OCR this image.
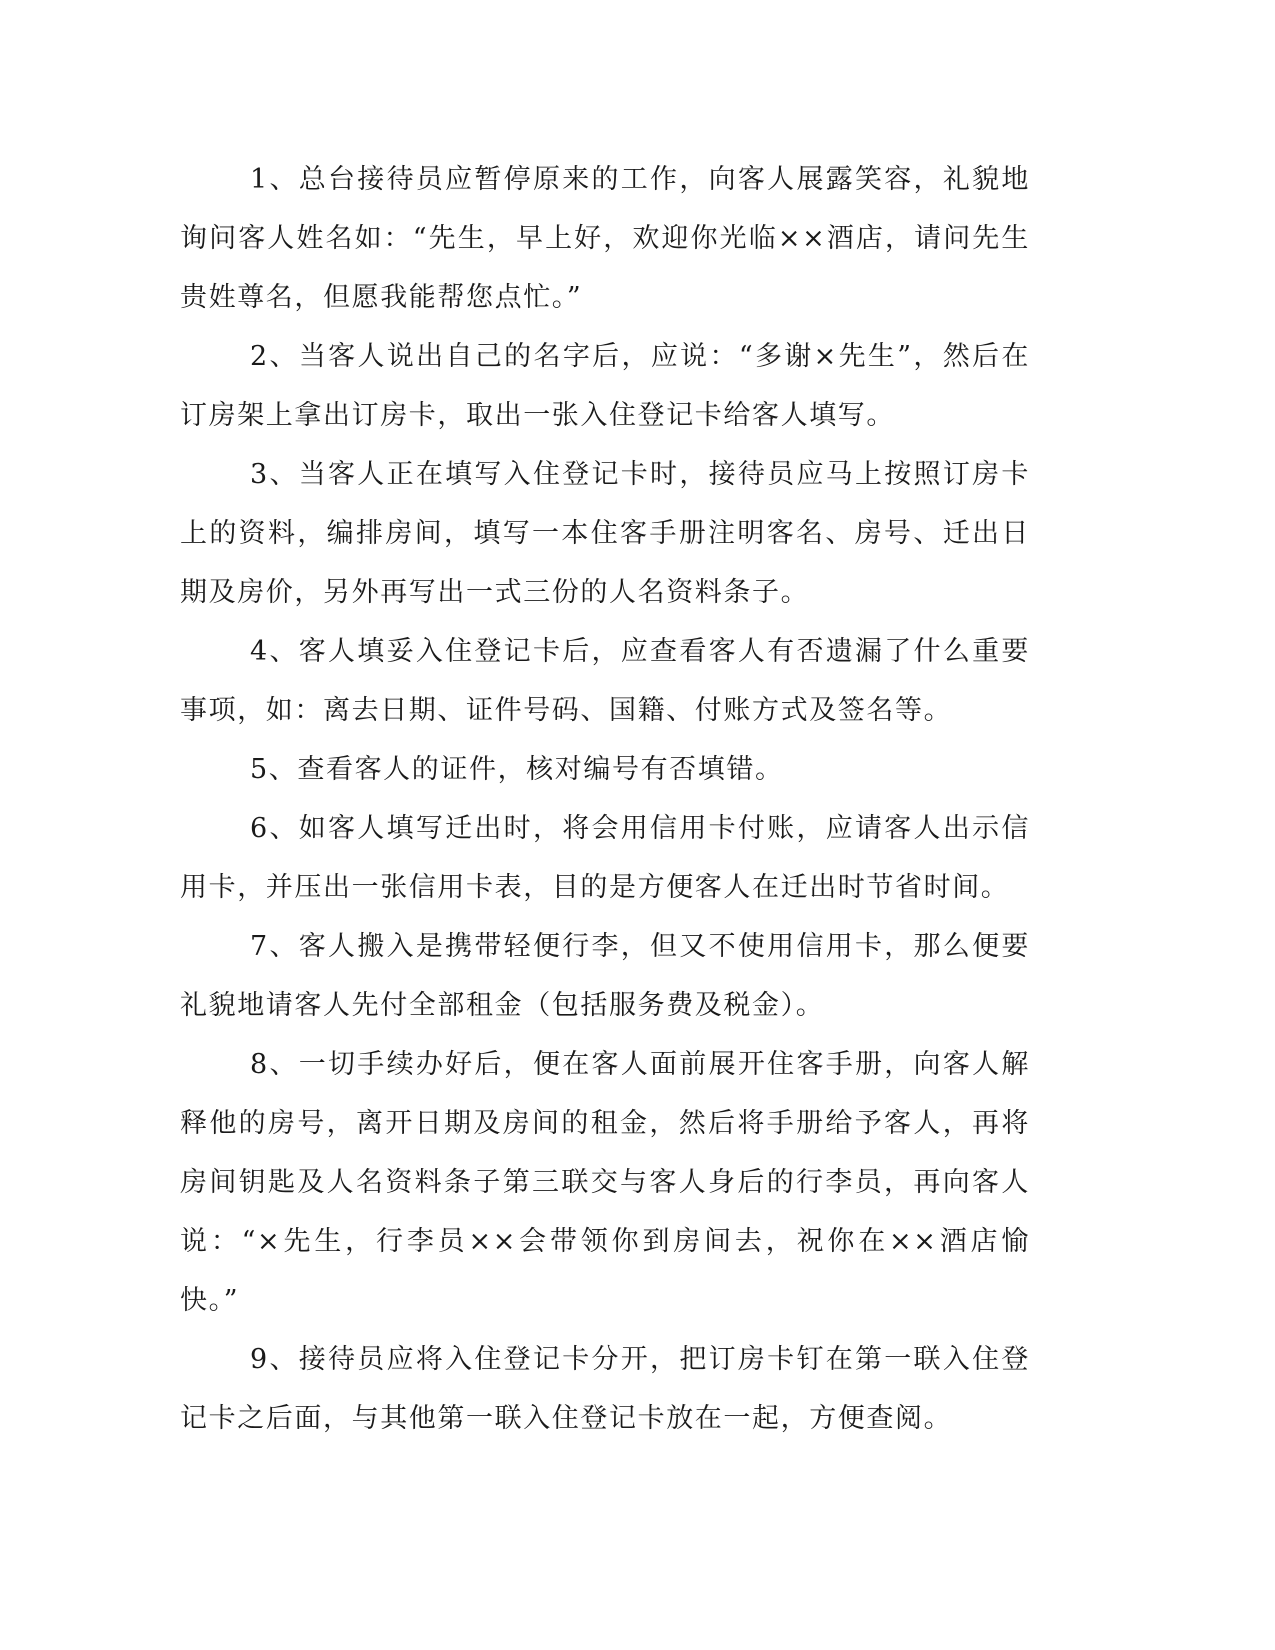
1、总台接待员应暂停原来的工作，向客人展露笑容，礼貌地询问客人姓名如：“先生，早上好，欢迎你光临××酒店，请问先生贵姓尊名，但愿我能帮您点忙。”

2、当客人说出自己的名字后，应说：“多谢×先生”，然后在订房架上拿出订房卡，取出一张入住登记卡给客人填写。

3、当客人正在填写入住登记卡时，接待员应马上按照订房卡上的资料，编排房间，填写一本住客手册注明客名、房号、迁出日期及房价，另外再写出一式三份的人名资料条子。

4、客人填妥入住登记卡后，应查看客人有否遗漏了什么重要事项，如：离去日期、证件号码、国籍、付账方式及签名等。

5、查看客人的证件，核对编号有否填错。

6、如客人填写迁出时，将会用信用卡付账，应请客人出示信用卡，并压出一张信用卡表，目的是方便客人在迁出时节省时间。

7、客人搬入是携带轻便行李，但又不使用信用卡，那么便要礼貌地请客人先付全部租金（包括服务费及税金）。

8、一切手续办好后，便在客人面前展开住客手册，向客人解释他的房号，离开日期及房间的租金，然后将手册给予客人，再将房间钥匙及人名资料条子第三联交与客人身后的行李员，再向客人说：“×先生，行李员××会带领你到房间去，祝你在××酒店愉快。”

9、接待员应将入住登记卡分开，把订房卡钉在第一联入住登记卡之后面，与其他第一联入住登记卡放在一起，方便查阅。
